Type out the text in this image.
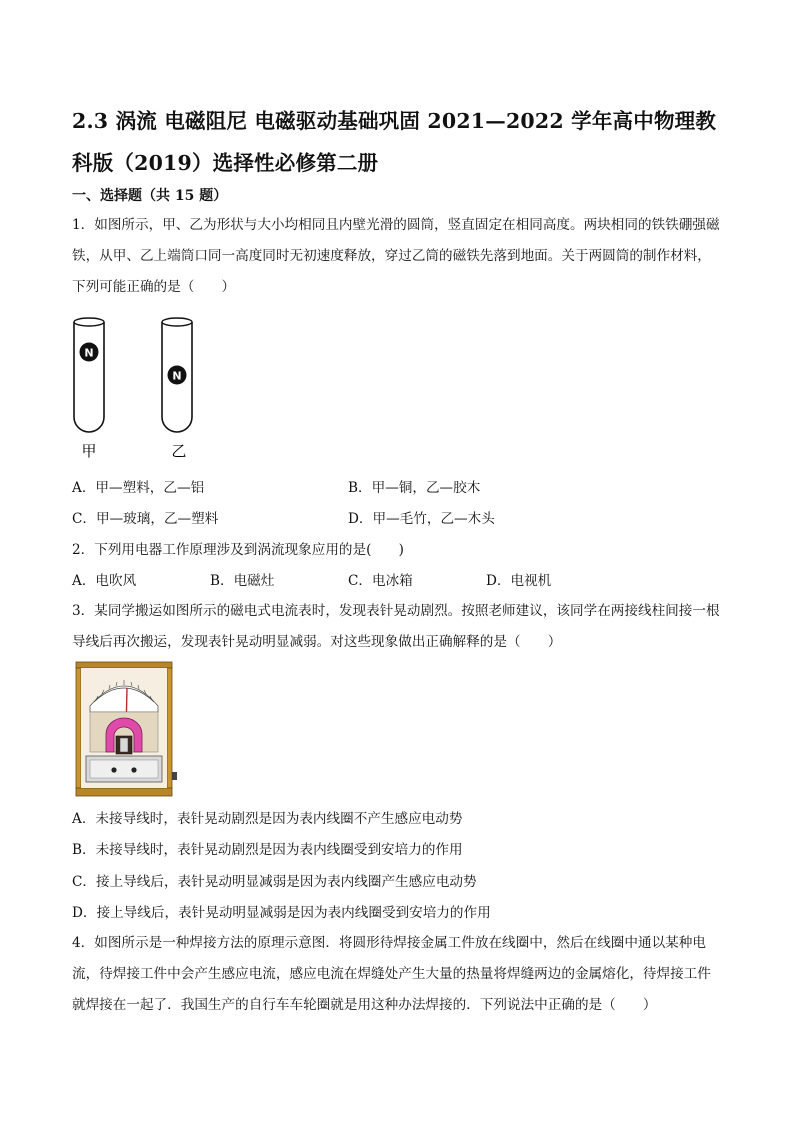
2.3 涡流 电磁阻尼 电磁驱动基础巩固 2021—2022 学年高中物理教科版（2019）选择性必修第二册
一、选择题（共 15 题）
1．如图所示，甲、乙为形状与大小均相同且内壁光滑的圆筒，竖直固定在相同高度。两块相同的铁铁硼强磁铁，从甲、乙上端筒口同一高度同时无初速度释放，穿过乙筒的磁铁先落到地面。关于两圆筒的制作材料，下列可能正确的是（　　）
N
N
甲	乙
A．甲—塑料，乙—铝	B．甲—铜，乙—胶木
C．甲—玻璃，乙—塑料	D．甲—毛竹，乙—木头
2．下列用电器工作原理涉及到涡流现象应用的是(　　)
A．电吹风	B．电磁灶	C．电冰箱	D．电视机
3．某同学搬运如图所示的磁电式电流表时，发现表针晃动剧烈。按照老师建议，该同学在两接线柱间接一根导线后再次搬运，发现表针晃动明显减弱。对这些现象做出正确解释的是（　　）
A．未接导线时，表针晃动剧烈是因为表内线圈不产生感应电动势
B．未接导线时，表针晃动剧烈是因为表内线圈受到安培力的作用
C．接上导线后，表针晃动明显减弱是因为表内线圈产生感应电动势
D．接上导线后，表针晃动明显减弱是因为表内线圈受到安培力的作用
4．如图所示是一种焊接方法的原理示意图．将圆形待焊接金属工件放在线圈中，然后在线圈中通以某种电流，待焊接工件中会产生感应电流，感应电流在焊缝处产生大量的热量将焊缝两边的金属熔化，待焊接工件就焊接在一起了．我国生产的自行车车轮圈就是用这种办法焊接的．下列说法中正确的是（　　）
